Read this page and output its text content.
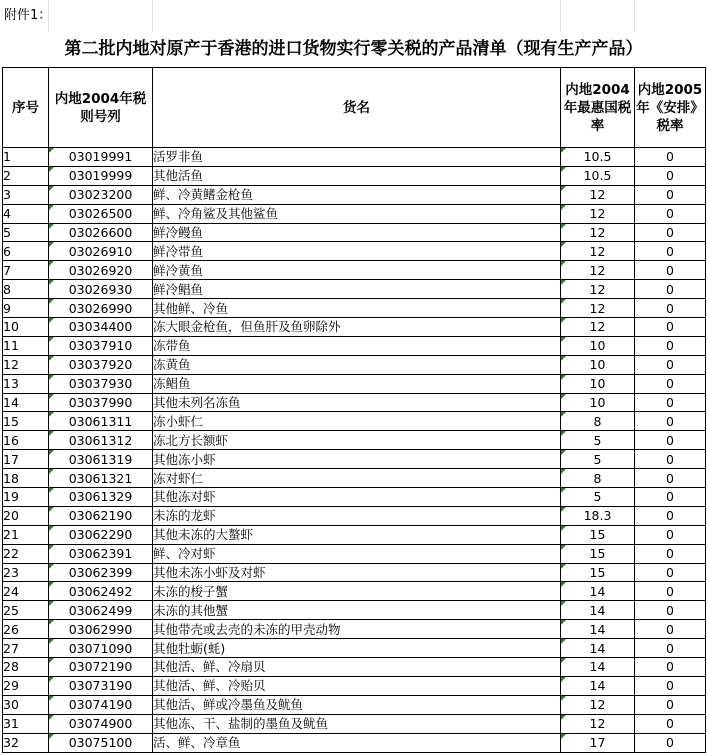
附件1：
第二批内地对原产于香港的进口货物实行零关税的产品清单（现有生产产品）
序号	内地2004年税则号列	货名	内地2004年最惠国税率	内地2005年《安排》税率
1	03019991	活罗非鱼	10.5	0
2	03019999	其他活鱼	10.5	0
3	03023200	鲜、冷黄鳍金枪鱼	12	0
4	03026500	鲜、冷角鲨及其他鲨鱼	12	0
5	03026600	鲜冷鳗鱼	12	0
6	03026910	鲜冷带鱼	12	0
7	03026920	鲜冷黄鱼	12	0
8	03026930	鲜冷鲳鱼	12	0
9	03026990	其他鲜、冷鱼	12	0
10	03034400	冻大眼金枪鱼，但鱼肝及鱼卵除外	12	0
11	03037910	冻带鱼	10	0
12	03037920	冻黄鱼	10	0
13	03037930	冻鲳鱼	10	0
14	03037990	其他未列名冻鱼	10	0
15	03061311	冻小虾仁	8	0
16	03061312	冻北方长额虾	5	0
17	03061319	其他冻小虾	5	0
18	03061321	冻对虾仁	8	0
19	03061329	其他冻对虾	5	0
20	03062190	未冻的龙虾	18.3	0
21	03062290	其他未冻的大螯虾	15	0
22	03062391	鲜、冷对虾	15	0
23	03062399	其他未冻小虾及对虾	15	0
24	03062492	未冻的梭子蟹	14	0
25	03062499	未冻的其他蟹	14	0
26	03062990	其他带壳或去壳的未冻的甲壳动物	14	0
27	03071090	其他牡蛎(蚝)	14	0
28	03072190	其他活、鲜、冷扇贝	14	0
29	03073190	其他活、鲜、冷贻贝	14	0
30	03074190	其他活、鲜或冷墨鱼及鱿鱼	12	0
31	03074900	其他冻、干、盐制的墨鱼及鱿鱼	12	0
32	03075100	活、鲜、冷章鱼	17	0
